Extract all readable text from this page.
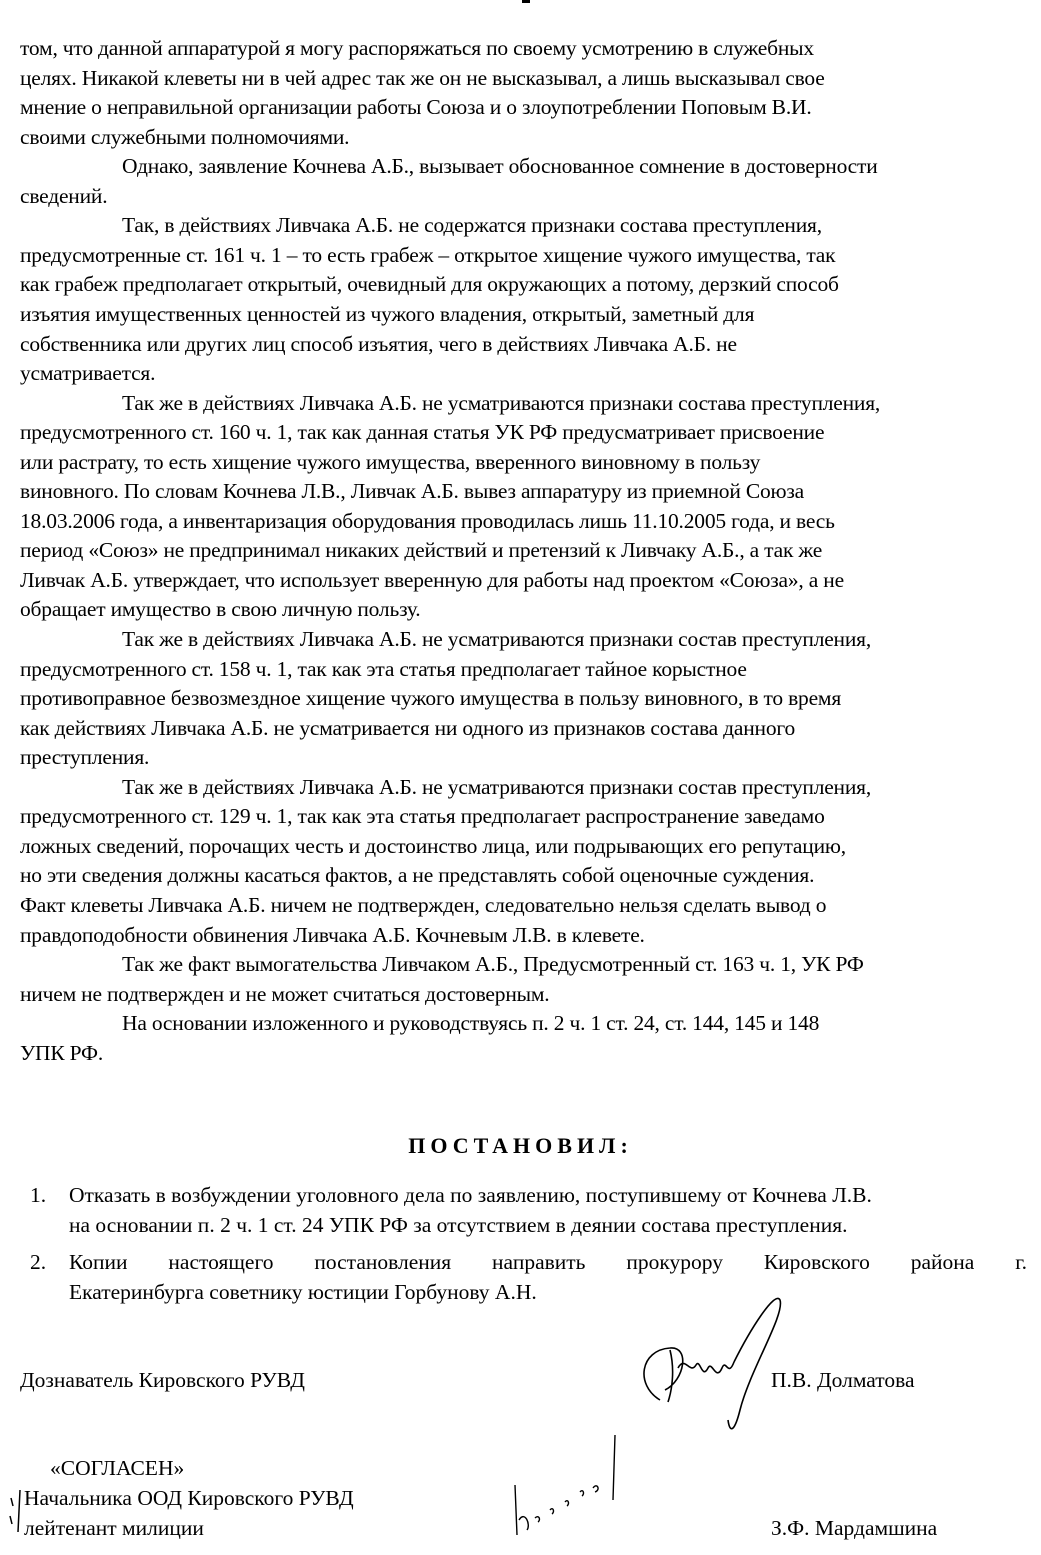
том, что данной аппаратурой я могу распоряжаться по своему усмотрению в служебных
целях. Никакой клеветы ни в чей адрес так же он не высказывал, а лишь высказывал свое
мнение о неправильной организации работы Союза и о злоупотреблении Поповым В.И.
своими служебными полномочиями.
Однако, заявление Кочнева А.Б., вызывает обоснованное сомнение в достоверности
сведений.
Так, в действиях Ливчака А.Б. не содержатся признаки состава преступления,
предусмотренные ст. 161 ч. 1 – то есть грабеж – открытое хищение чужого имущества, так
как грабеж предполагает открытый, очевидный для окружающих а потому, дерзкий способ
изъятия имущественных ценностей из чужого владения, открытый, заметный для
собственника или других лиц способ изъятия, чего в действиях Ливчака А.Б. не
усматривается.
Так же в действиях Ливчака А.Б. не усматриваются признаки состава преступления,
предусмотренного ст. 160 ч. 1, так как данная статья УК РФ предусматривает присвоение
или растрату, то есть хищение чужого имущества, вверенного виновному в пользу
виновного. По словам Кочнева Л.В., Ливчак А.Б. вывез аппаратуру из приемной Союза
18.03.2006 года, а инвентаризация оборудования проводилась лишь 11.10.2005 года, и весь
период «Союз» не предпринимал никаких действий и претензий к Ливчаку А.Б., а так же
Ливчак А.Б. утверждает, что использует вверенную для работы над проектом «Союза», а не
обращает имущество в свою личную пользу.
Так же в действиях Ливчака А.Б. не усматриваются признаки состав преступления,
предусмотренного ст. 158 ч. 1, так как эта статья предполагает тайное корыстное
противоправное безвозмездное хищение чужого имущества в пользу виновного, в то время
как действиях Ливчака А.Б. не усматривается ни одного из признаков состава данного
преступления.
Так же в действиях Ливчака А.Б. не усматриваются признаки состав преступления,
предусмотренного ст. 129 ч. 1, так как эта статья предполагает распространение заведамо
ложных сведений, порочащих честь и достоинство лица, или подрывающих его репутацию,
но эти сведения должны касаться фактов, а не представлять собой оценочные суждения.
Факт клеветы Ливчака А.Б. ничем не подтвержден, следовательно нельзя сделать вывод о
правдоподобности обвинения Ливчака А.Б. Кочневым Л.В. в клевете.
Так же факт вымогательства Ливчаком А.Б., Предусмотренный ст. 163 ч. 1, УК РФ
ничем не подтвержден и не может считаться достоверным.
На основании изложенного и руководствуясь п. 2 ч. 1 ст. 24, ст. 144, 145 и 148
УПК РФ.
ПОСТАНОВИЛ:
1. Отказать в возбуждении уголовного дела по заявлению, поступившему от Кочнева Л.В.
на основании п. 2 ч. 1 ст. 24 УПК РФ за отсутствием в деянии состава преступления.
2. Копии настоящего постановления направить прокурору Кировского района г.
Екатеринбурга советнику юстиции Горбунову А.Н.
Дознаватель Кировского РУВД	П.В. Долматова
«СОГЛАСЕН»
Начальника ООД Кировского РУВД
лейтенант милиции	З.Ф. Мардамшина
